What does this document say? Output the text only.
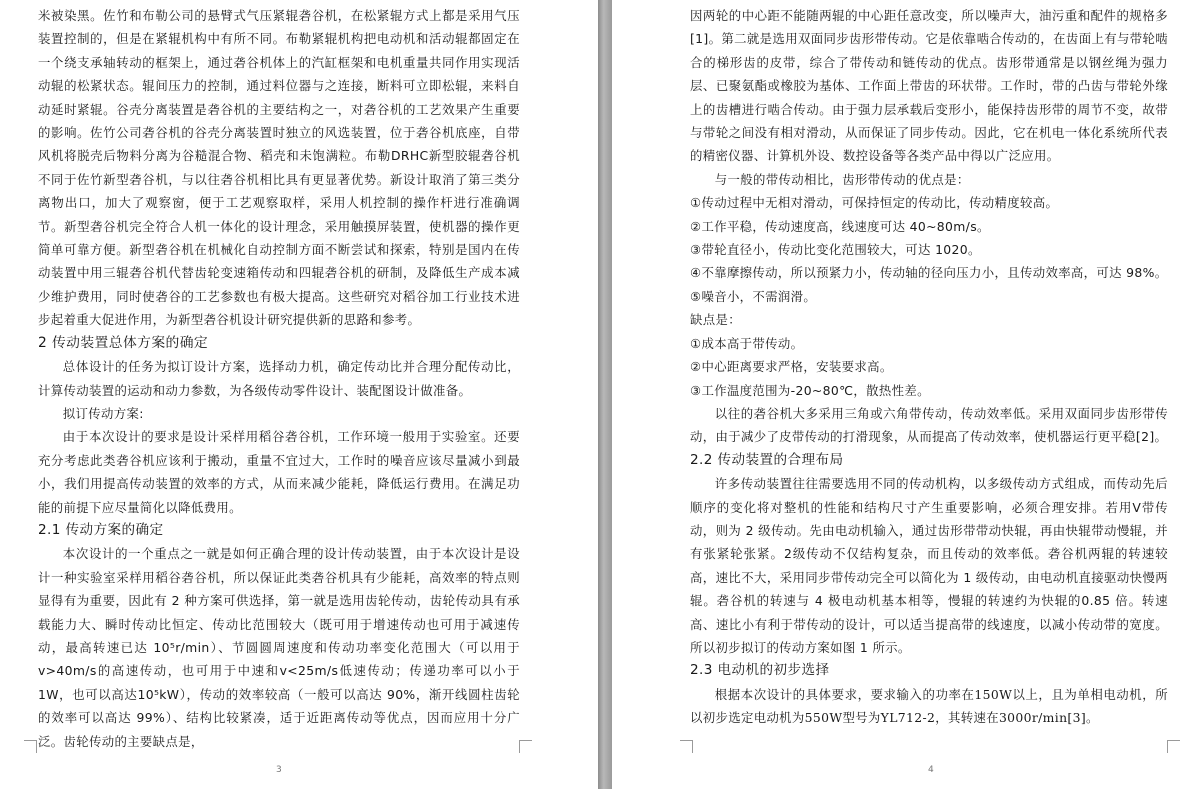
米被染黑。佐竹和布勒公司的悬臂式气压紧辊砻谷机，在松紧辊方式上都是采用气压装置控制的，但是在紧辊机构中有所不同。布勒紧辊机构把电动机和活动辊都固定在一个绕支承轴转动的框架上，通过砻谷机体上的汽缸框架和电机重量共同作用实现活动辊的松紧状态。辊间压力的控制，通过料位器与之连接，断料可立即松辊，来料自动延时紧辊。谷壳分离装置是砻谷机的主要结构之一，对砻谷机的工艺效果产生重要的影响。佐竹公司砻谷机的谷壳分离装置时独立的风选装置，位于砻谷机底座，自带风机将脱壳后物料分离为谷糙混合物、稻壳和未饱满粒。布勒DRHC新型胶辊砻谷机不同于佐竹新型砻谷机，与以往砻谷机相比具有更显著优势。新设计取消了第三类分离物出口，加大了观察窗，便于工艺观察取样，采用人机控制的操作杆进行准确调节。新型砻谷机完全符合人机一体化的设计理念，采用触摸屏装置，使机器的操作更简单可靠方便。新型砻谷机在机械化自动控制方面不断尝试和探索，特别是国内在传动装置中用三辊砻谷机代替齿轮变速箱传动和四辊砻谷机的研制，及降低生产成本减少维护费用，同时使砻谷的工艺参数也有极大提高。这些研究对稻谷加工行业技术进步起着重大促进作用，为新型砻谷机设计研究提供新的思路和参考。

2 传动装置总体方案的确定

总体设计的任务为拟订设计方案，选择动力机，确定传动比并合理分配传动比，计算传动装置的运动和动力参数，为各级传动零件设计、装配图设计做准备。

拟订传动方案:

由于本次设计的要求是设计采样用稻谷砻谷机，工作环境一般用于实验室。还要充分考虑此类砻谷机应该利于搬动，重量不宜过大，工作时的噪音应该尽量减小到最小，我们用提高传动装置的效率的方式，从而来减少能耗，降低运行费用。在满足功能的前提下应尽量简化以降低费用。

2.1 传动方案的确定

本次设计的一个重点之一就是如何正确合理的设计传动装置，由于本次设计是设计一种实验室采样用稻谷砻谷机，所以保证此类砻谷机具有少能耗，高效率的特点则显得有为重要，因此有 2 种方案可供选择，第一就是选用齿轮传动，齿轮传动具有承载能力大、瞬时传动比恒定、传动比范围较大（既可用于增速传动也可用于减速传动，最高转速已达 10⁵r/min）、节圆圆周速度和传动功率变化范围大（可以用于v>40m/s的高速传动，也可用于中速和v<25m/s低速传动；传递功率可以小于 1W，也可以高达10⁵kW），传动的效率较高（一般可以高达 90%，渐开线圆柱齿轮的效率可以高达 99%）、结构比较紧凑，适于近距离传动等优点，因而应用十分广泛。齿轮传动的主要缺点是，

3

因两轮的中心距不能随两辊的中心距任意改变，所以噪声大，油污重和配件的规格多[1]。第二就是选用双面同步齿形带传动。它是依靠啮合传动的，在齿面上有与带轮啮合的梯形齿的皮带，综合了带传动和链传动的优点。齿形带通常是以钢丝绳为强力层、已聚氨酯或橡胶为基体、工作面上带齿的环状带。工作时，带的凸齿与带轮外缘上的齿槽进行啮合传动。由于强力层承载后变形小，能保持齿形带的周节不变，故带与带轮之间没有相对滑动，从而保证了同步传动。因此，它在机电一体化系统所代表的精密仪器、计算机外设、数控设备等各类产品中得以广泛应用。

与一般的带传动相比，齿形带传动的优点是：

①传动过程中无相对滑动，可保持恒定的传动比，传动精度较高。

②工作平稳，传动速度高，线速度可达 40~80m/s。

③带轮直径小，传动比变化范围较大，可达 1020。

④不靠摩擦传动，所以预紧力小，传动轴的径向压力小，且传动效率高，可达 98%。

⑤噪音小，不需润滑。

缺点是：

①成本高于带传动。

②中心距离要求严格，安装要求高。

③工作温度范围为-20~80℃，散热性差。

以往的砻谷机大多采用三角或六角带传动，传动效率低。采用双面同步齿形带传动，由于减少了皮带传动的打滑现象，从而提高了传动效率，使机器运行更平稳[2]。

2.2 传动装置的合理布局

许多传动装置往往需要选用不同的传动机构，以多级传动方式组成，而传动先后顺序的变化将对整机的性能和结构尺寸产生重要影响，必须合理安排。若用V带传动，则为 2 级传动。先由电动机输入，通过齿形带带动快辊，再由快辊带动慢辊，并有张紧轮张紧。2级传动不仅结构复杂，而且传动的效率低。砻谷机两辊的转速较高，速比不大，采用同步带传动完全可以简化为 1 级传动，由电动机直接驱动快慢两辊。砻谷机的转速与 4 极电动机基本相等，慢辊的转速约为快辊的0.85 倍。转速高、速比小有利于带传动的设计，可以适当提高带的线速度，以减小传动带的宽度。所以初步拟订的传动方案如图 1 所示。

2.3 电动机的初步选择

根据本次设计的具体要求，要求输入的功率在150W以上，且为单相电动机，所以初步选定电动机为550W型号为YL712-2，其转速在3000r/min[3]。

4
